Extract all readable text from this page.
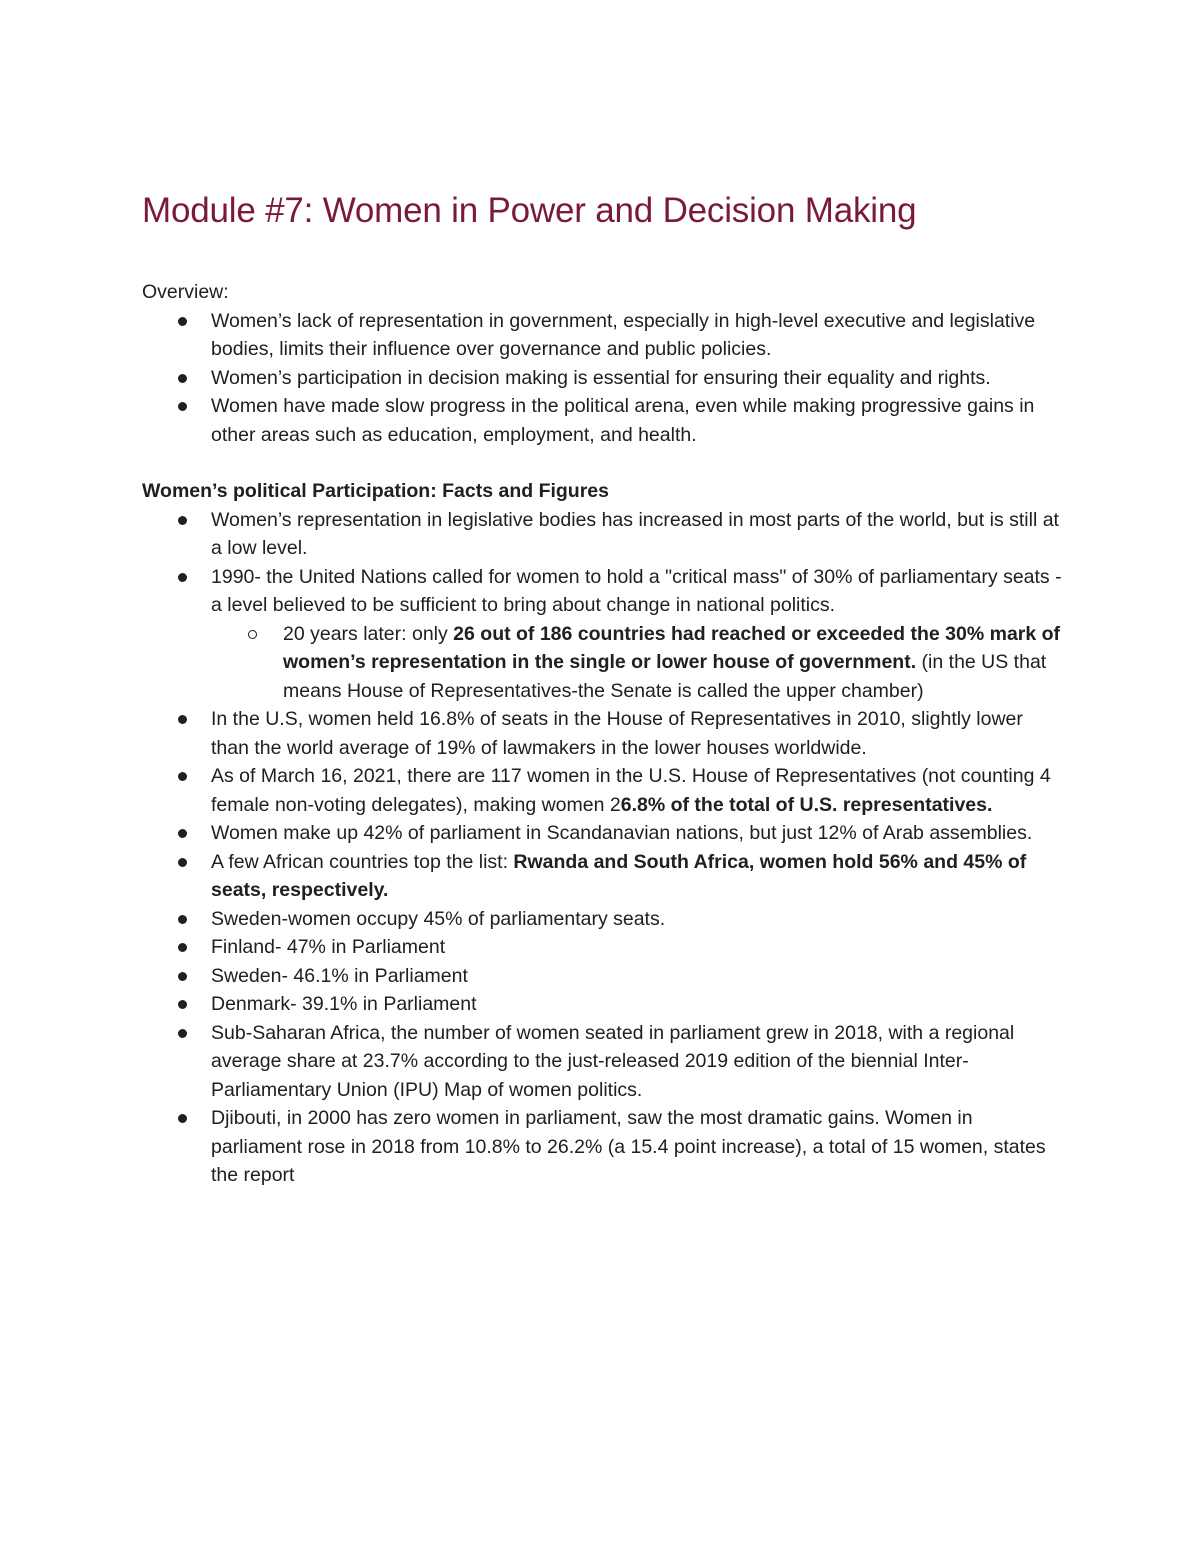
Module #7: Women in Power and Decision Making
Overview:
Women’s lack of representation in government, especially in high-level executive and legislative bodies, limits their influence over governance and public policies.
Women’s participation in decision making is essential for ensuring their equality and rights.
Women have made slow progress in the political arena, even while making progressive gains in other areas such as education, employment, and health.
Women’s political Participation: Facts and Figures
Women’s representation in legislative bodies has increased in most parts of the world, but is still at a low level.
1990- the United Nations called for women to hold a "critical mass" of 30% of parliamentary seats - a level believed to be sufficient to bring about change in national politics.
20 years later: only 26 out of 186 countries had reached or exceeded the 30% mark of women’s representation in the single or lower house of government. (in the US that means House of Representatives-the Senate is called the upper chamber)
In the U.S, women held 16.8% of seats in the House of Representatives in 2010, slightly lower than the world average of 19% of lawmakers in the lower houses worldwide.
As of March 16, 2021, there are 117 women in the U.S. House of Representatives (not counting 4 female non-voting delegates), making women 26.8% of the total of U.S. representatives.
Women make up 42% of parliament in Scandanavian nations, but just 12% of Arab assemblies.
A few African countries top the list: Rwanda and South Africa, women hold 56% and 45% of seats, respectively.
Sweden-women occupy 45% of parliamentary seats.
Finland- 47% in Parliament
Sweden- 46.1% in Parliament
Denmark- 39.1% in Parliament
Sub-Saharan Africa, the number of women seated in parliament grew in 2018, with a regional average share at 23.7% according to the just-released 2019 edition of the biennial Inter-Parliamentary Union (IPU) Map of women politics.
Djibouti, in 2000 has zero women in parliament, saw the most dramatic gains. Women in parliament rose in 2018 from 10.8% to 26.2% (a 15.4 point increase), a total of 15 women, states the report
